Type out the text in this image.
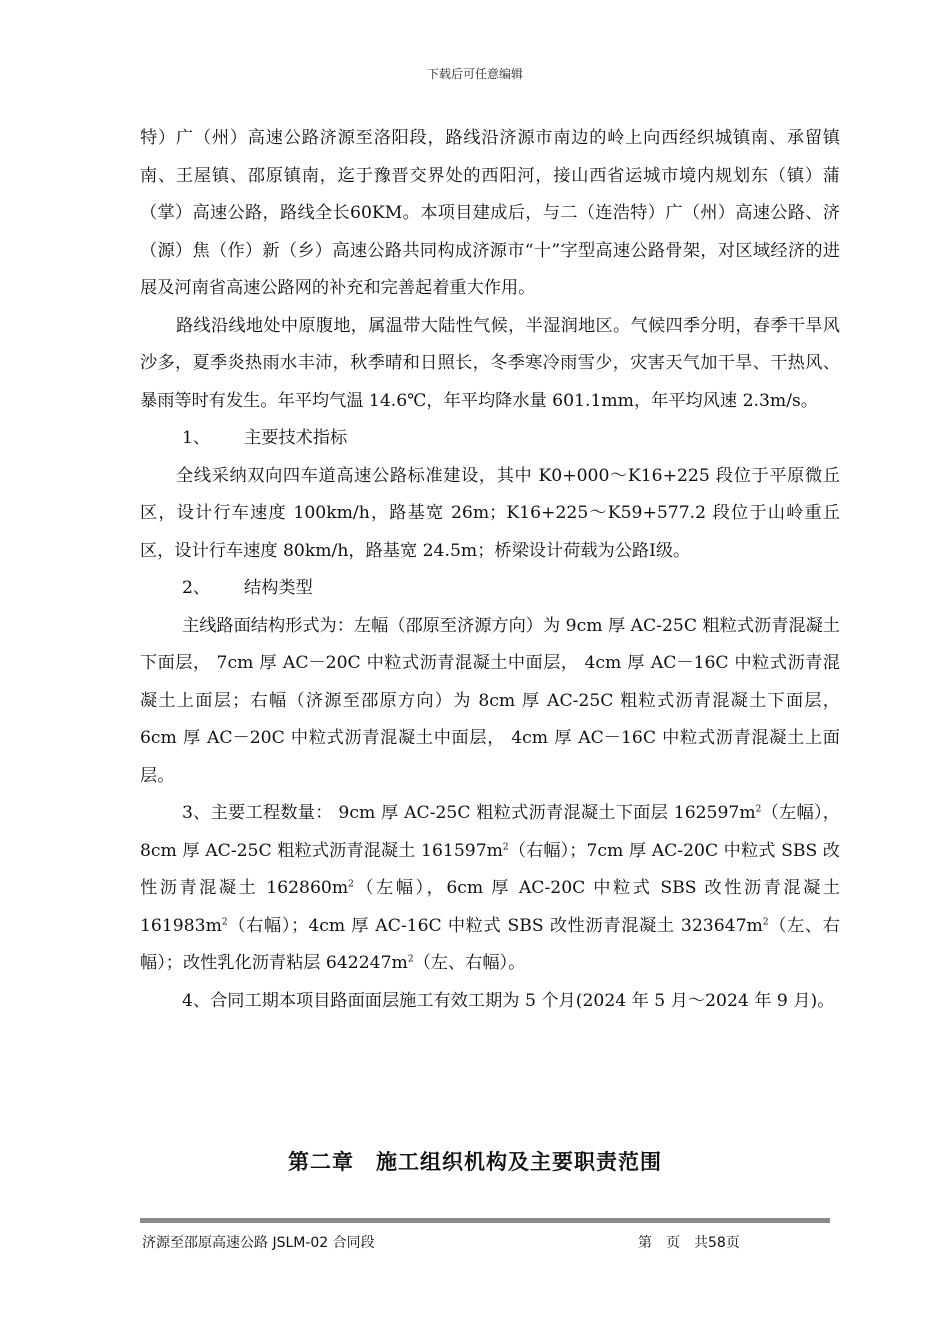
下载后可任意编辑

特）广（州）高速公路济源至洛阳段，路线沿济源市南边的岭上向西经织城镇南、承留镇南、王屋镇、邵原镇南，迄于豫晋交界处的西阳河，接山西省运城市境内规划东（镇）蒲（掌）高速公路，路线全长60KM。本项目建成后，与二（连浩特）广（州）高速公路、济（源）焦（作）新（乡）高速公路共同构成济源市“十”字型高速公路骨架，对区域经济的进展及河南省高速公路网的补充和完善起着重大作用。

路线沿线地处中原腹地，属温带大陆性气候，半湿润地区。气候四季分明，春季干旱风沙多，夏季炎热雨水丰沛，秋季晴和日照长，冬季寒冷雨雪少，灾害天气加干旱、干热风、暴雨等时有发生。年平均气温 14.6℃，年平均降水量 601.1mm，年平均风速 2.3m/s。

1、 主要技术指标

全线采纳双向四车道高速公路标准建设，其中 K0+000～K16+225 段位于平原微丘区，设计行车速度 100km/h，路基宽 26m；K16+225～K59+577.2 段位于山岭重丘区，设计行车速度 80km/h，路基宽 24.5m；桥梁设计荷载为公路Ⅰ级。

2、 结构类型

主线路面结构形式为：左幅（邵原至济源方向）为 9cm 厚 AC-25C 粗粒式沥青混凝土下面层， 7cm 厚 AC－20C 中粒式沥青混凝土中面层， 4cm 厚 AC－16C 中粒式沥青混凝土上面层；右幅（济源至邵原方向）为 8cm 厚 AC-25C 粗粒式沥青混凝土下面层， 6cm 厚 AC－20C 中粒式沥青混凝土中面层， 4cm 厚 AC－16C 中粒式沥青混凝土上面层。

3、主要工程数量： 9cm 厚 AC-25C 粗粒式沥青混凝土下面层 $162597m^2$（左幅），8cm 厚 AC-25C 粗粒式沥青混凝土 $161597m^2$（右幅）；7cm 厚 AC-20C 中粒式 SBS 改性沥青混凝土 $162860m^2$（左幅），6cm 厚 AC-20C 中粒式 SBS 改性沥青混凝土 $161983m^2$（右幅）；4cm 厚 AC-16C 中粒式 SBS 改性沥青混凝土 $323647m^2$（左、右幅）；改性乳化沥青粘层 $642247m^2$（左、右幅）。

4、合同工期本项目路面面层施工有效工期为 5 个月(2024 年 5 月～2024 年 9 月)。

第二章 施工组织机构及主要职责范围
济源至邵原高速公路 JSLM-02 合同段	第　页　共58页
